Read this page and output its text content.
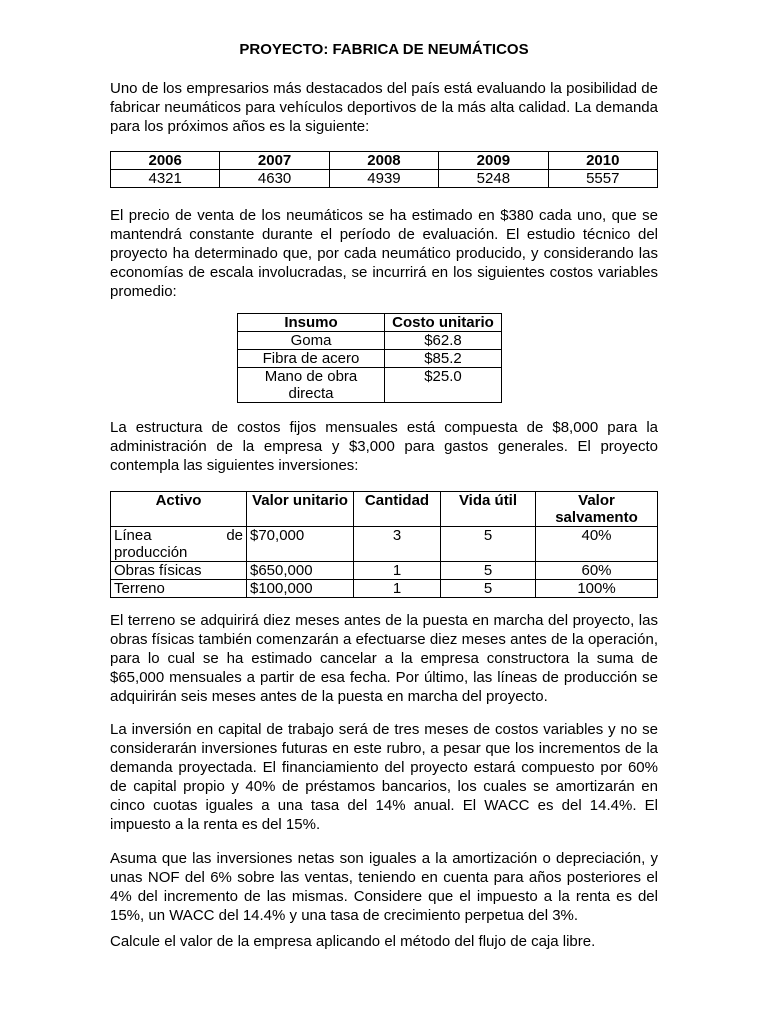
PROYECTO: FABRICA DE NEUMÁTICOS

Uno de los empresarios más destacados del país está evaluando la posibilidad de fabricar neumáticos para vehículos deportivos de la más alta calidad. La demanda para los próximos años es la siguiente:

2006	2007	2008	2009	2010
4321	4630	4939	5248	5557

El precio de venta de los neumáticos se ha estimado en $380 cada uno, que se mantendrá constante durante el período de evaluación. El estudio técnico del proyecto ha determinado que, por cada neumático producido, y considerando las economías de escala involucradas, se incurrirá en los siguientes costos variables promedio:

Insumo	Costo unitario
Goma	$62.8
Fibra de acero	$85.2
Mano de obra directa	$25.0

La estructura de costos fijos mensuales está compuesta de $8,000 para la administración de la empresa y $3,000 para gastos generales. El proyecto contempla las siguientes inversiones:

Activo	Valor unitario	Cantidad	Vida útil	Valor salvamento

Línea de
producción	$70,000	3	5	40%
Obras físicas	$650,000	1	5	60%
Terreno	$100,000	1	5	100%

El terreno se adquirirá diez meses antes de la puesta en marcha del proyecto, las obras físicas también comenzarán a efectuarse diez meses antes de la operación, para lo cual se ha estimado cancelar a la empresa constructora la suma de $65,000 mensuales a partir de esa fecha. Por último, las líneas de producción se adquirirán seis meses antes de la puesta en marcha del proyecto.

La inversión en capital de trabajo será de tres meses de costos variables y no se considerarán inversiones futuras en este rubro, a pesar que los incrementos de la demanda proyectada. El financiamiento del proyecto estará compuesto por 60% de capital propio y 40% de préstamos bancarios, los cuales se amortizarán en cinco cuotas iguales a una tasa del 14% anual. El WACC es del 14.4%. El impuesto a la renta es del 15%.

Asuma que las inversiones netas son iguales a la amortización o depreciación, y unas NOF del 6% sobre las ventas, teniendo en cuenta para años posteriores el 4% del incremento de las mismas. Considere que el impuesto a la renta es del 15%, un WACC del 14.4% y una tasa de crecimiento perpetua del 3%.

Calcule el valor de la empresa aplicando el método del flujo de caja libre.
